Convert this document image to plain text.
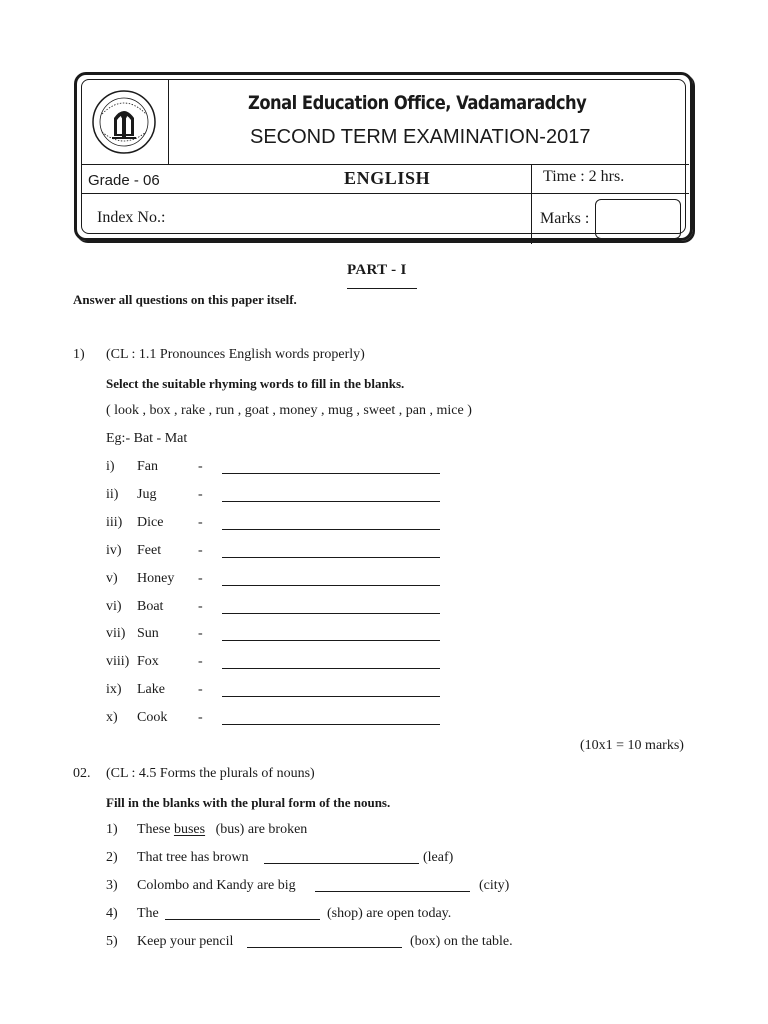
Zonal Education Office, Vadamaradchy
SECOND TERM EXAMINATION-2017
Grade - 06	ENGLISH	Time : 2 hrs.
Index No.:	Marks :
PART - I
Answer all questions on this paper itself.
1) (CL : 1.1 Pronounces English words properly)
Select the suitable rhyming words to fill in the blanks.
( look , box , rake , run , goat , money , mug , sweet , pan , mice )
Eg:- Bat - Mat
i) Fan	-
ii) Jug	-
iii) Dice -
iv) Feet	-
v) Honey -
vi) Boat -
vii) Sun	-
viii) Fox	-
ix) Lake -
x) Cook -
(10x1 = 10 marks)
02. (CL : 4.5 Forms the plurals of nouns)
Fill in the blanks with the plural form of the nouns.
1) These buses (bus) are broken
2) That tree has brown	(leaf)
3) Colombo and Kandy are big	(city)
4) The	(shop) are open today.
5) Keep your pencil	(box) on the table.
